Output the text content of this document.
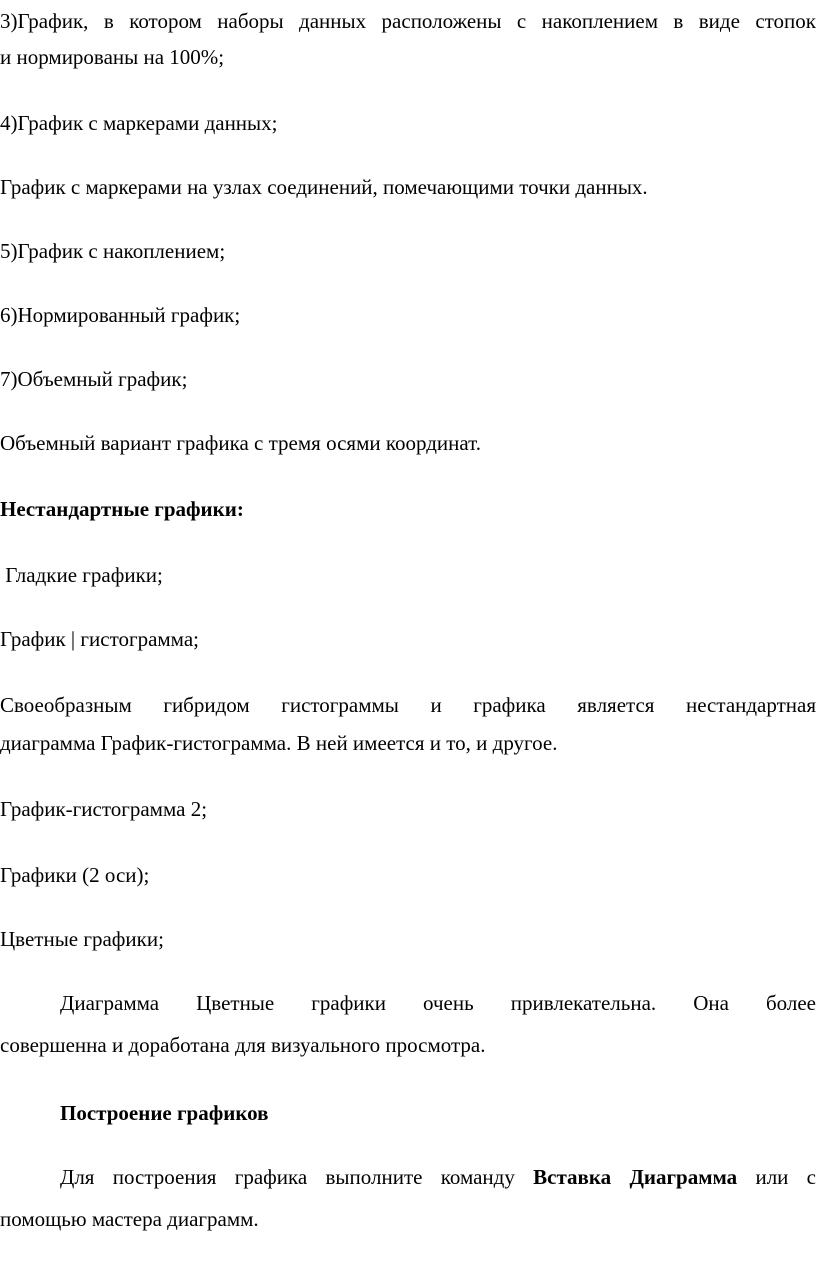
3)График, в котором наборы данных расположены с накоплением в виде стопок
и нормированы на 100%;
4)График с маркерами данных;
График с маркерами на узлах соединений, помечающими точки данных.
5)График с накоплением;
6)Нормированный график;
7)Объемный график;
Объемный вариант графика с тремя осями координат.
Нестандартные графики:
Гладкие графики;
График | гистограмма;
Своеобразным гибридом гистограммы и графика является нестандартная
диаграмма График-гистограмма. В ней имеется и то, и другое.
График-гистограмма 2;
Графики (2 оси);
Цветные графики;
Диаграмма Цветные графики очень привлекательна. Она более
совершенна и доработана для визуального просмотра.
Построение графиков
Для построения графика выполните команду Вставка Диаграмма или с
помощью мастера диаграмм.
